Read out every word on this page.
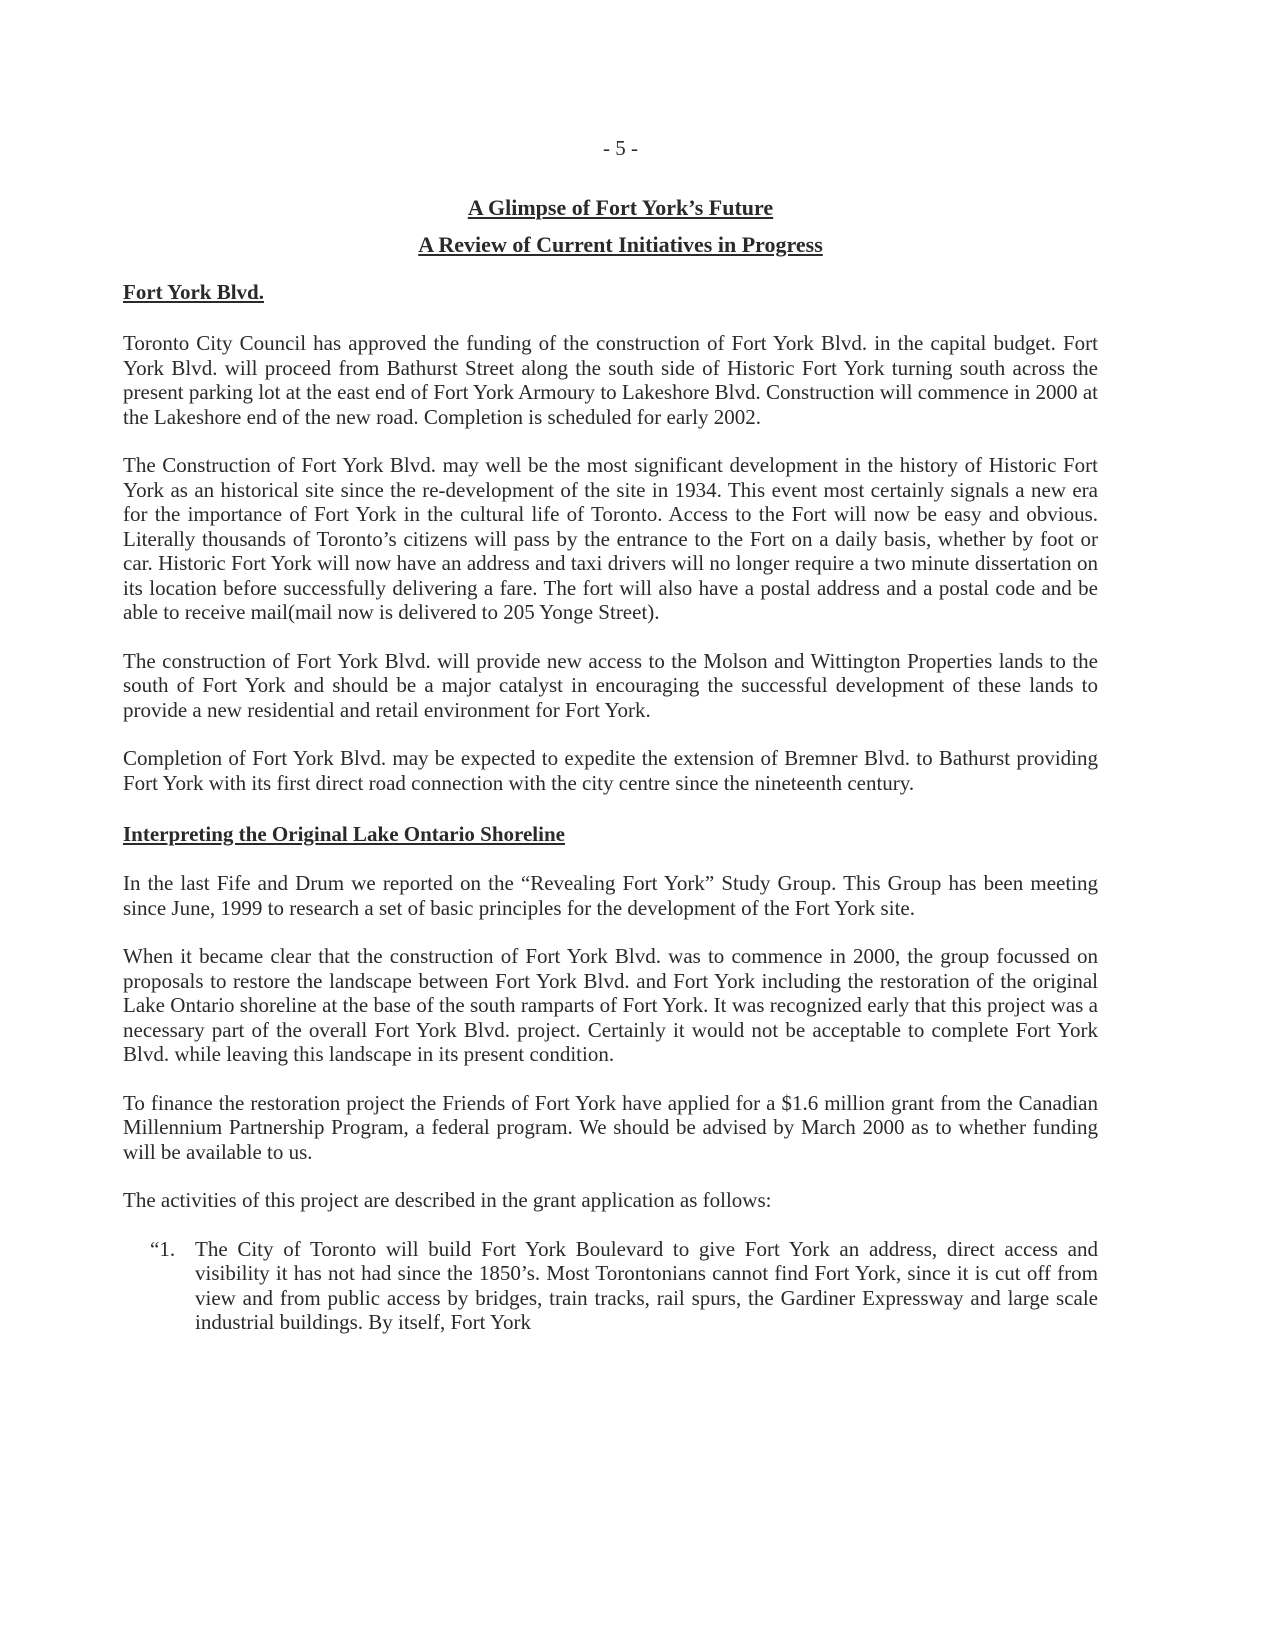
- 5 -
A Glimpse of Fort York’s Future
A Review of Current Initiatives in Progress
Fort York Blvd.

Toronto City Council has approved the funding of the construction of Fort York Blvd. in the capital budget. Fort York Blvd. will proceed from Bathurst Street along the south side of Historic Fort York turning south across the present parking lot at the east end of Fort York Armoury to Lakeshore Blvd. Construction will commence in 2000 at the Lakeshore end of the new road. Completion is scheduled for early 2002.

The Construction of Fort York Blvd. may well be the most significant development in the history of Historic Fort York as an historical site since the re-development of the site in 1934. This event most certainly signals a new era for the importance of Fort York in the cultural life of Toronto. Access to the Fort will now be easy and obvious. Literally thousands of Toronto’s citizens will pass by the entrance to the Fort on a daily basis, whether by foot or car. Historic Fort York will now have an address and taxi drivers will no longer require a two minute dissertation on its location before successfully delivering a fare. The fort will also have a postal address and a postal code and be able to receive mail(mail now is delivered to 205 Yonge Street).

The construction of Fort York Blvd. will provide new access to the Molson and Wittington Properties lands to the south of Fort York and should be a major catalyst in encouraging the successful development of these lands to provide a new residential and retail environment for Fort York.

Completion of Fort York Blvd. may be expected to expedite the extension of Bremner Blvd. to Bathurst providing Fort York with its first direct road connection with the city centre since the nineteenth century.

Interpreting the Original Lake Ontario Shoreline

In the last Fife and Drum we reported on the “Revealing Fort York” Study Group. This Group has been meeting since June, 1999 to research a set of basic principles for the development of the Fort York site.

When it became clear that the construction of Fort York Blvd. was to commence in 2000, the group focussed on proposals to restore the landscape between Fort York Blvd. and Fort York including the restoration of the original Lake Ontario shoreline at the base of the south ramparts of Fort York. It was recognized early that this project was a necessary part of the overall Fort York Blvd. project. Certainly it would not be acceptable to complete Fort York Blvd. while leaving this landscape in its present condition.

To finance the restoration project the Friends of Fort York have applied for a $1.6 million grant from the Canadian Millennium Partnership Program, a federal program. We should be advised by March 2000 as to whether funding will be available to us.

The activities of this project are described in the grant application as follows:

“1. The City of Toronto will build Fort York Boulevard to give Fort York an address, direct access and visibility it has not had since the 1850’s. Most Torontonians cannot find Fort York, since it is cut off from view and from public access by bridges, train tracks, rail spurs, the Gardiner Expressway and large scale industrial buildings. By itself, Fort York
